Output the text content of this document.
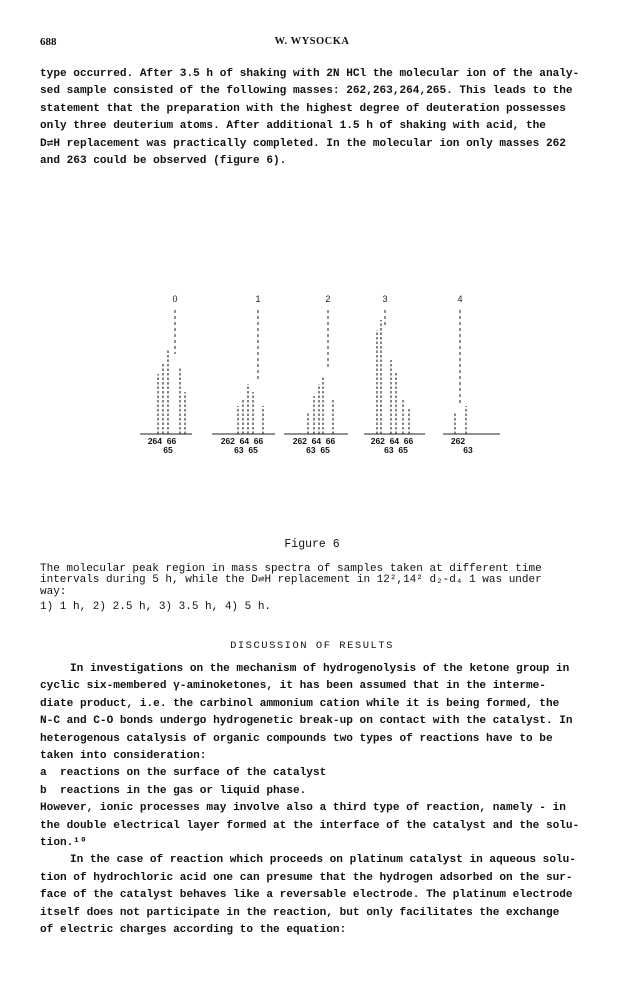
688	W. WYSOCKA
type occurred. After 3.5 h of shaking with 2N HCl the molecular ion of the analy-
sed sample consisted of the following masses: 262,263,264,265. This leads to the
statement that the preparation with the highest degree of deuteration possesses
only three deuterium atoms. After additional 1.5 h of shaking with acid, the
D⇌H replacement was practically completed. In the molecular ion only masses 262
and 263 could be observed (figure 6).
0	1	2	3	4
264  66
65
262  64  66
63  65
262  64  66
63  65
262  64  66
63  65
262
63
Figure 6
The molecular peak region in mass spectra of samples taken at different time
intervals during 5 h, while the D⇌H replacement in 12²,14² d₂-d₄ 1 was under
way:
1) 1 h, 2) 2.5 h, 3) 3.5 h, 4) 5 h.
DISCUSSION OF RESULTS
In investigations on the mechanism of hydrogenolysis of the ketone group in
cyclic six-membered γ-aminoketones, it has been assumed that in the interme-
diate product, i.e. the carbinol ammonium cation while it is being formed, the
N-C and C-O bonds undergo hydrogenetic break-up on contact with the catalyst. In
heterogenous catalysis of organic compounds two types of reactions have to be
taken into consideration:
a  reactions on the surface of the catalyst
b  reactions in the gas or liquid phase.
However, ionic processes may involve also a third type of reaction, namely - in
the double electrical layer formed at the interface of the catalyst and the solu-
tion.¹⁰
In the case of reaction which proceeds on platinum catalyst in aqueous solu-
tion of hydrochloric acid one can presume that the hydrogen adsorbed on the sur-
face of the catalyst behaves like a reversable electrode. The platinum electrode
itself does not participate in the reaction, but only facilitates the exchange
of electric charges according to the equation:
